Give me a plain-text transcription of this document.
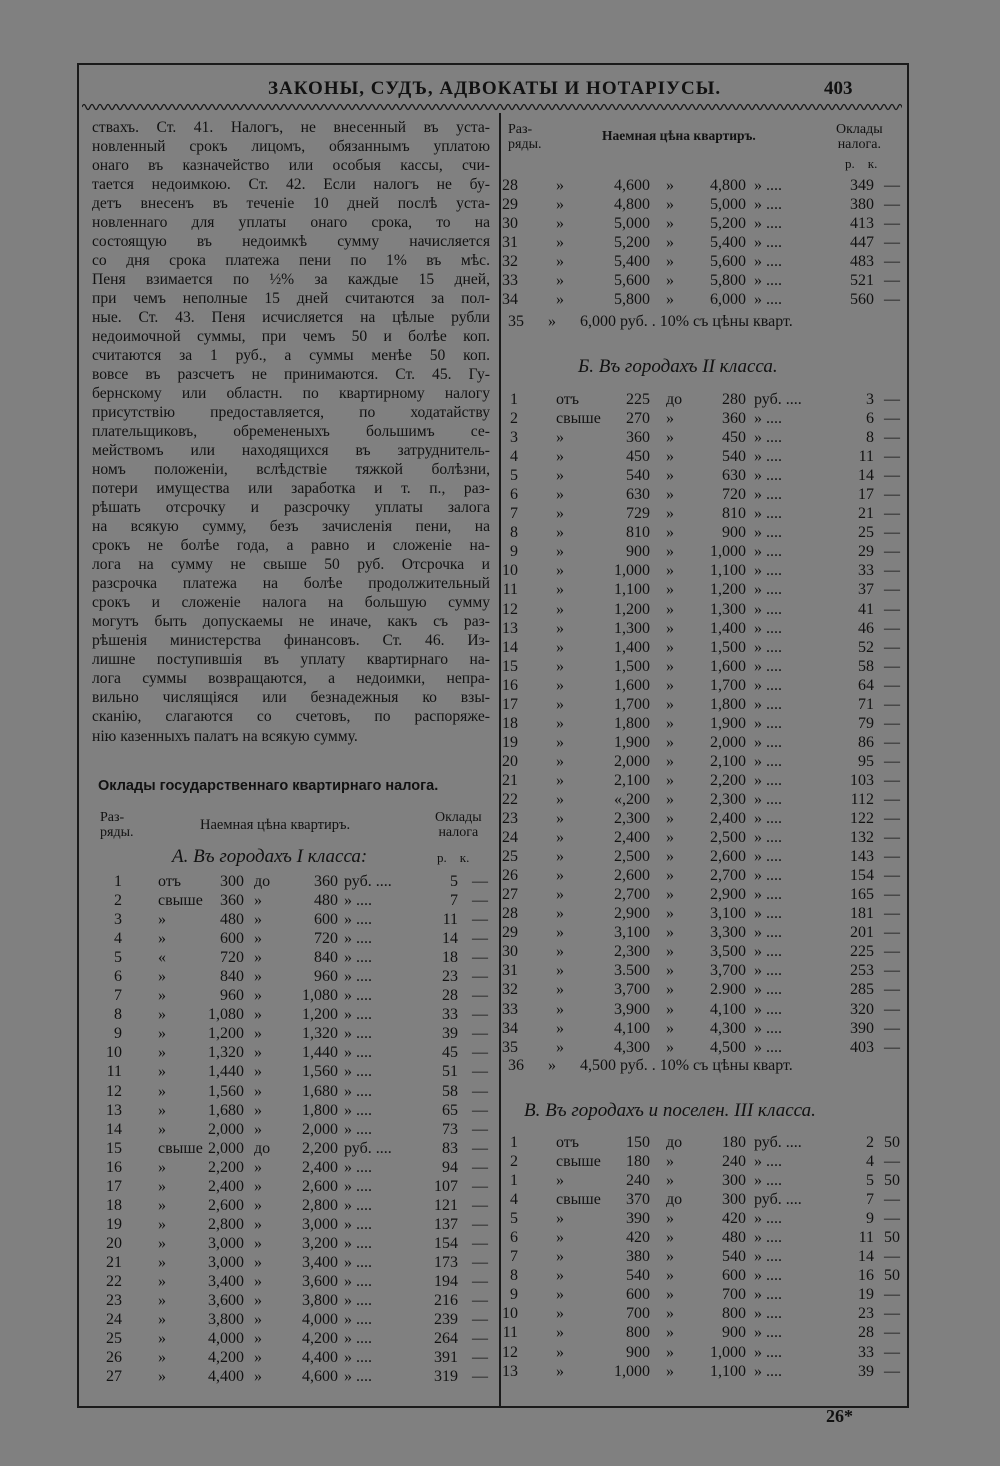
ЗАКОНЫ, СУДЪ, АДВОКАТЫ И НОТАРІУСЫ.	403

ствахъ. Ст. 41. Налогъ, не внесенный въ уста-

новленный срокъ лицомъ, обязаннымъ уплатою

онаго въ казначейство или особыя кассы, счи-

тается недоимкою. Ст. 42. Если налогъ не бу-

детъ внесенъ въ теченіе 10 дней послѣ уста-

новленнаго для уплаты онаго срока, то на

состоящую въ недоимкѣ сумму начисляется

со дня срока платежа пени по 1% въ мѣс.

Пеня взимается по ½% за каждые 15 дней,

при чемъ неполные 15 дней считаются за пол-

ные. Ст. 43. Пеня исчисляется на цѣлые рубли

недоимочной суммы, при чемъ 50 и болѣе коп.

считаются за 1 руб., а суммы менѣе 50 коп.

вовсе въ разсчетъ не принимаются. Ст. 45. Гу-

бернскому или областн. по квартирному налогу

присутствію предоставляется, по ходатайству

плательщиковъ, обремененыхъ большимъ се-

мействомъ или находящихся въ затруднитель-

номъ положеніи, вслѣдствіе тяжкой болѣзни,

потери имущества или заработка и т. п., раз-

рѣшать отсрочку и разсрочку уплаты залога

на всякую сумму, безъ зачисленія пени, на

срокъ не болѣе года, а равно и сложеніе на-

лога на сумму не свыше 50 руб. Отсрочка и

разсрочка платежа на болѣе продолжительный

срокъ и сложеніе налога на большую сумму

могутъ быть допускаемы не иначе, какъ съ раз-

рѣшенія министерства финансовъ. Ст. 46. Из-

лишне поступившія въ уплату квартирнаго на-

лога суммы возвращаются, а недоимки, непра-

вильно числящіяся или безнадежныя ко взы-

сканію, слагаются со счетовъ, по распоряже-

нію казенныхъ палатъ на всякую сумму.

Оклады государственнаго квартирнаго налога.
Раз-
ряды.	Наемная цѣна квартиръ.	Оклады
налога
А. Въ городахъ I класса:	р.    к.
Раз-
ряды.
Наемная цѣна квартиръ.	Оклады
налога.
р.    к.
1 отъ 300 до	360 руб. ....	5 —
2 свыше 360 »	480 » ....	7 —
3 »	480 »	600 » ....	11 —
4 »	600 »	720 » ....	14 —
5 «	720 »	840 » ....	18 —
6 »	840 »	960 » ....	23 —
7 »	960 »	1,080 » ....	28 —
8 »	1,080 »	1,200 » ....	33 —
9 »	1,200 »	1,320 » ....	39 —
10 »	1,320 »	1,440 » ....	45 —
11 »	1,440 »	1,560 » ....	51 —
12 »	1,560 »	1,680 » ....	58 —
13 »	1,680 »	1,800 » ....	65 —
14 »	2,000 »	2,000 » ....	73 —
15 свыше 2,000 до 2,200 руб. ....	83 —
16 »	2,200 »	2,400 » ....	94 —
17 »	2,400 »	2,600 » ....	107 —
18 »	2,600 »	2,800 » ....	121 —
19 »	2,800 »	3,000 » ....	137 —
20 »	3,000 »	3,200 » ....	154 —
21 »	3,000 »	3,400 » ....	173 —
22 »	3,400 »	3,600 » ....	194 —
23 »	3,600 »	3,800 » ....	216 —
24 »	3,800 »	4,000 » ....	239 —
25 »	4,000 »	4,200 » ....	264 —
26 »	4,200 »	4,400 » ....	391 —
27 »	4,400 »	4,600 » ....	319 —
28 »	4,600 » 4,800 » ....	349 —
29 »	4,800 » 5,000 » ....	380 —
30 »	5,000 » 5,200 » ....	413 —
31 »	5,200 » 5,400 » ....	447 —
32 »	5,400 » 5,600 » ....	483 —
33 »	5,600 » 5,800 » ....	521 —
34 »	5,800 » 6,000 » ....	560 —
35      »      6,000 руб. . 10% съ цѣны кварт.
Б. Въ городахъ II класса.
1 отъ	225 до 280 руб. ....	3 —
2 свыше 270 »	360 » ....	6 —
3 »	360 »	450 » ....	8 —
4 »	450 »	540 » ....	11 —
5 »	540 »	630 » ....	14 —
6 »	630 »	720 » ....	17 —
7 »	729 »	810 » ....	21 —
8 »	810 »	900 » ....	25 —
9 »	900 » 1,000 » ....	29 —
10 »	1,000 » 1,100 » ....	33 —
11 »	1,100 » 1,200 » ....	37 —
12 »	1,200 » 1,300 » ....	41 —
13 »	1,300 » 1,400 » ....	46 —
14 »	1,400 » 1,500 » ....	52 —
15 »	1,500 » 1,600 » ....	58 —
16 »	1,600 » 1,700 » ....	64 —
17 »	1,700 » 1,800 » ....	71 —
18 »	1,800 » 1,900 » ....	79 —
19 »	1,900 » 2,000 » ....	86 —
20 »	2,000 » 2,100 » ....	95 —
21 »	2,100 » 2,200 » ....	103 —
22 »	«,200 » 2,300 » ....	112 —
23 »	2,300 » 2,400 » ....	122 —
24 »	2,400 » 2,500 » ....	132 —
25 »	2,500 » 2,600 » ....	143 —
26 »	2,600 » 2,700 » ....	154 —
27 »	2,700 » 2,900 » ....	165 —
28 »	2,900 » 3,100 » ....	181 —
29 »	3,100 » 3,300 » ....	201 —
30 »	2,300 » 3,500 » ....	225 —
31 »	3.500 » 3,700 » ....	253 —
32 »	3,700 » 2.900 » ....	285 —
33 »	3,900 » 4,100 » ....	320 —
34 »	4,100 » 4,300 » ....	390 —
35 »	4,300 » 4,500 » ....	403 —
36      »      4,500 руб. . 10% съ цѣны кварт.
В. Въ городахъ и поселен. III класса.
1 отъ	150 до 180 руб. ....	2 50
2 свыше 180 »	240 » ....	4 —
1 »	240 »	300 » ....	5 50
4 свыше 370 до 300 руб. ....	7 —
5 »	390 »	420 » ....	9 —
6 »	420 »	480 » ....	11 50
7 »	380 »	540 » ....	14 —
8 »	540 »	600 » ....	16 50
9 »	600 »	700 » ....	19 —
10 »	700 »	800 » ....	23 —
11 »	800 »	900 » ....	28 —
12 »	900 » 1,000 » ....	33 —
13 »	1,000 » 1,100 » ....	39 —
26*
